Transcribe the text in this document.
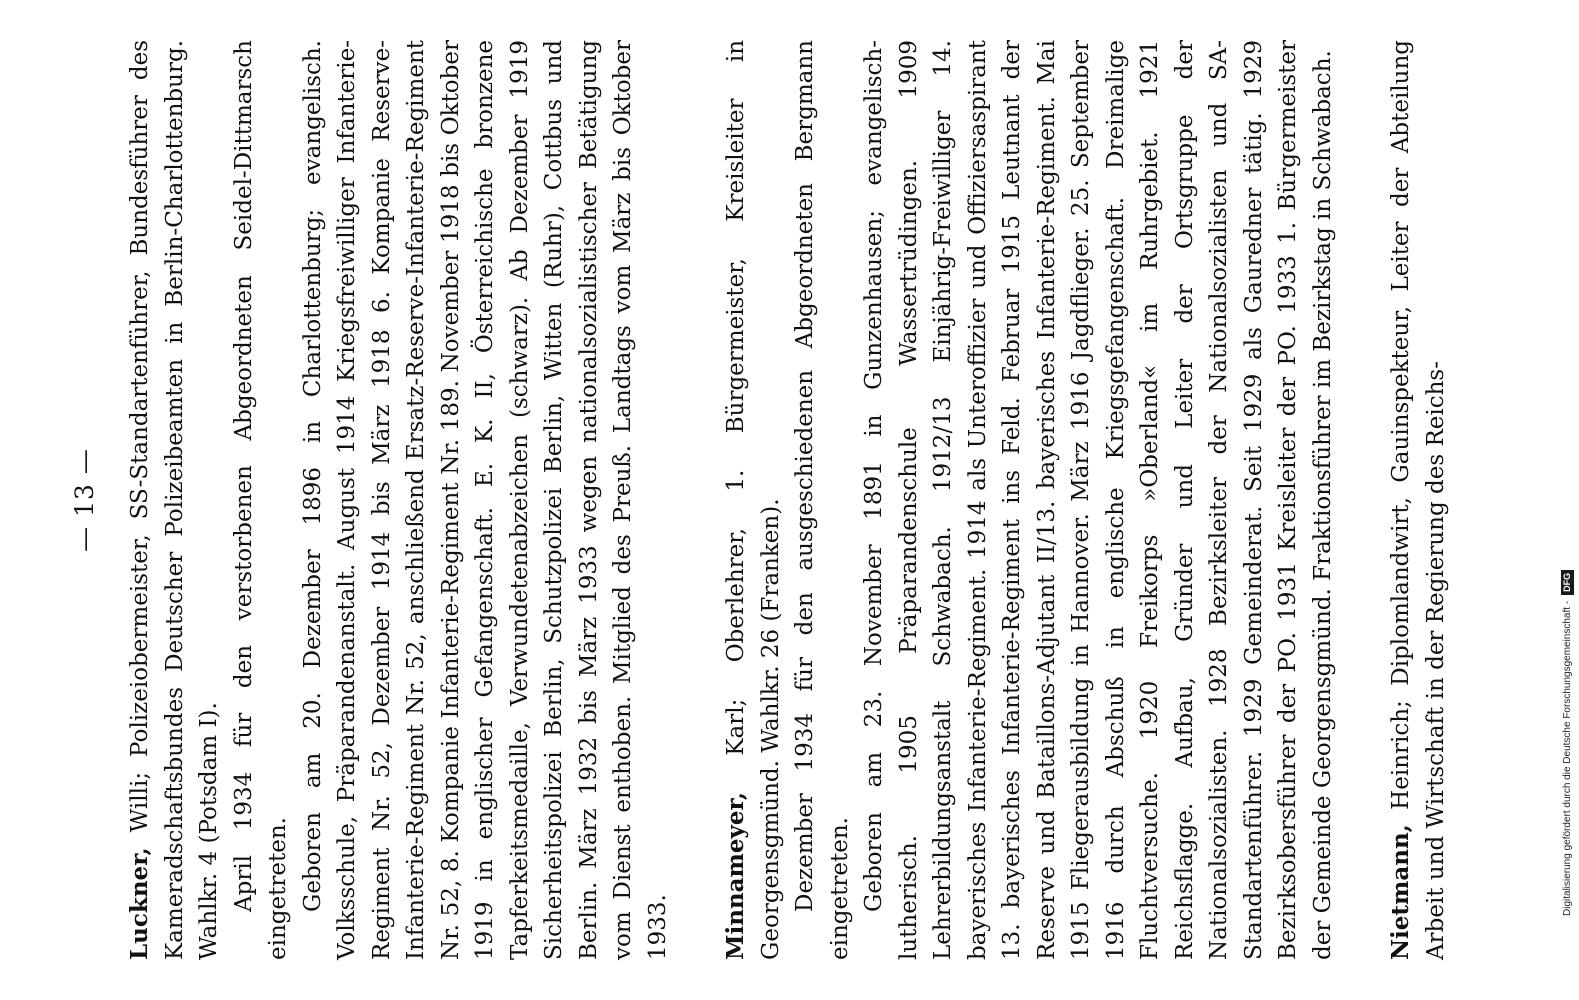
— 13 —

Luckner, Willi; Polizeiobermeister, SS-Standartenführer, Bundesführer des Kameradschaftsbundes Deutscher Polizeibeamten in Berlin-Charlottenburg. Wahlkr. 4 (Potsdam I). April 1934 für den verstorbenen Abgeordneten Seidel-Dittmarsch eingetreten. Geboren am 20. Dezember 1896 in Charlottenburg; evangelisch. Volksschule, Präparandenanstalt. August 1914 Kriegsfreiwilliger Infanterie-Regiment Nr. 52, Dezember 1914 bis März 1918 6. Kompanie Reserve-Infanterie-Regiment Nr. 52, anschließend Ersatz-Reserve-Infanterie-Regiment Nr. 52, 8. Kompanie Infanterie-Regiment Nr. 189. November 1918 bis Oktober 1919 in englischer Gefangenschaft. E. K. II, Österreichische bronzene Tapferkeitsmedaille, Verwundetenabzeichen (schwarz). Ab Dezember 1919 Sicherheitspolizei Berlin, Schutzpolizei Berlin, Witten (Ruhr), Cottbus und Berlin. März 1932 bis März 1933 wegen nationalsozialistischer Betätigung vom Dienst enthoben. Mitglied des Preuß. Landtags vom März bis Oktober 1933. Minnameyer, Karl; Oberlehrer, 1. Bürgermeister, Kreisleiter in Georgensgmünd. Wahlkr. 26 (Franken). Dezember 1934 für den ausgeschiedenen Abgeordneten Bergmann eingetreten. Geboren am 23. November 1891 in Gunzenhausen; evangelisch-lutherisch. 1905 Präparandenschule Wassertrüdingen. 1909 Lehrerbildungsanstalt Schwabach. 1912/13 Einjährig-Freiwilliger 14. bayerisches Infanterie-Regiment. 1914 als Unteroffizier und Offiziersaspirant 13. bayerisches Infanterie-Regiment ins Feld. Februar 1915 Leutnant der Reserve und Bataillons-Adjutant II/13. bayerisches Infanterie-Regiment. Mai 1915 Fliegerausbildung in Hannover. März 1916 Jagdflieger. 25. September 1916 durch Abschuß in englische Kriegsgefangenschaft. Dreimalige Fluchtversuche. 1920 Freikorps »Oberland« im Ruhrgebiet. 1921 Reichsflagge. Aufbau, Gründer und Leiter der Ortsgruppe der Nationalsozialisten. 1928 Bezirksleiter der Nationalsozialisten und SA-Standartenführer. 1929 Gemeinderat. Seit 1929 als Gauredner tätig. 1929 Bezirksobersführer der PO. 1931 Kreisleiter der PO. 1933 1. Bürgermeister der Gemeinde Georgensgmünd. Fraktionsführer im Bezirkstag in Schwabach. Nietmann, Heinrich; Diplomlandwirt, Gauinspekteur, Leiter der Abteilung Arbeit und Wirtschaft in der Regierung des Reichs-	Digitalisierung gefördert durch die Deutsche Forschungsgemeinschaft -DFG
